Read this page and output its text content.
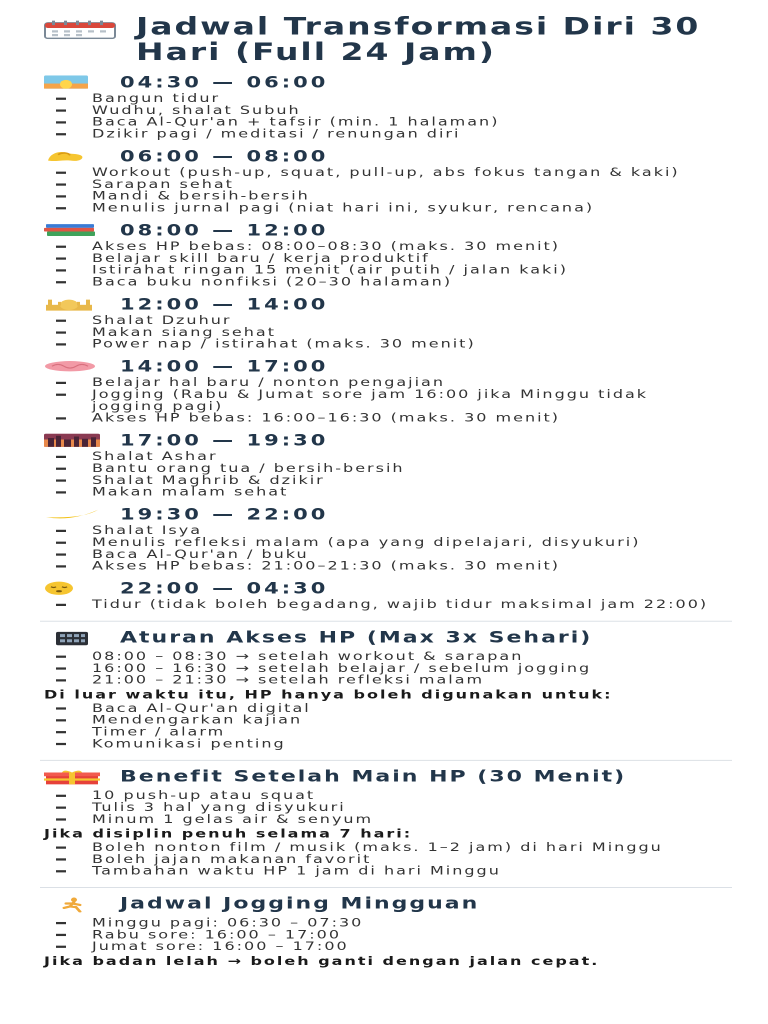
Jadwal Transformasi Diri 30 Hari (Full 24 Jam)
04:30 — 06:00
Bangun tidur
Wudhu, shalat Subuh
Baca Al-Qur'an + tafsir (min. 1 halaman)
Dzikir pagi / meditasi / renungan diri
06:00 — 08:00
Workout (push-up, squat, pull-up, abs fokus tangan & kaki)
Sarapan sehat
Mandi & bersih-bersih
Menulis jurnal pagi (niat hari ini, syukur, rencana)
08:00 — 12:00
Akses HP bebas: 08:00–08:30 (maks. 30 menit)
Belajar skill baru / kerja produktif
Istirahat ringan 15 menit (air putih / jalan kaki)
Baca buku nonfiksi (20–30 halaman)
12:00 — 14:00
Shalat Dzuhur
Makan siang sehat
Power nap / istirahat (maks. 30 menit)
14:00 — 17:00
Belajar hal baru / nonton pengajian
Jogging (Rabu & Jumat sore jam 16:00 jika Minggu tidak jogging pagi)
Akses HP bebas: 16:00–16:30 (maks. 30 menit)
17:00 — 19:30
Shalat Ashar
Bantu orang tua / bersih-bersih
Shalat Maghrib & dzikir
Makan malam sehat
19:30 — 22:00
Shalat Isya
Menulis refleksi malam (apa yang dipelajari, disyukuri)
Baca Al-Qur'an / buku
Akses HP bebas: 21:00–21:30 (maks. 30 menit)
22:00 — 04:30
Tidur (tidak boleh begadang, wajib tidur maksimal jam 22:00)
Aturan Akses HP (Max 3x Sehari)
08:00 – 08:30 → setelah workout & sarapan
16:00 – 16:30 → setelah belajar / sebelum jogging
21:00 – 21:30 → setelah refleksi malam

Di luar waktu itu, HP hanya boleh digunakan untuk:

Baca Al-Qur'an digital
Mendengarkan kajian
Timer / alarm
Komunikasi penting
Benefit Setelah Main HP (30 Menit)
10 push-up atau squat
Tulis 3 hal yang disyukuri
Minum 1 gelas air & senyum

Jika disiplin penuh selama 7 hari:

Boleh nonton film / musik (maks. 1–2 jam) di hari Minggu
Boleh jajan makanan favorit
Tambahan waktu HP 1 jam di hari Minggu
Jadwal Jogging Mingguan
Minggu pagi: 06:30 – 07:30
Rabu sore: 16:00 – 17:00
Jumat sore: 16:00 – 17:00

Jika badan lelah → boleh ganti dengan jalan cepat.
